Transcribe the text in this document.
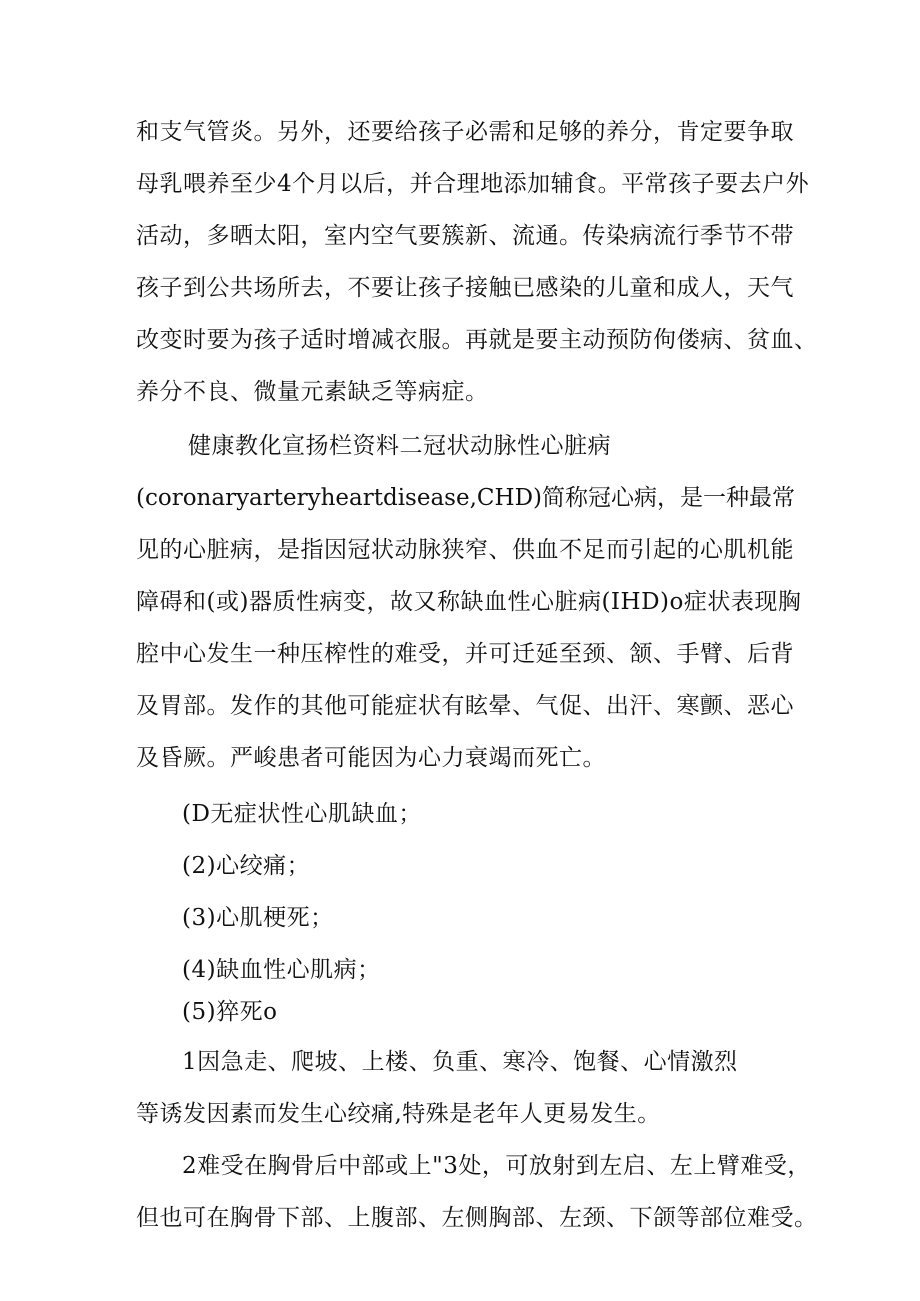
和支气管炎。另外，还要给孩子必需和足够的养分，肯定要争取
母乳喂养至少4个月以后，并合理地添加辅食。平常孩子要去户外
活动，多晒太阳，室内空气要簇新、流通。传染病流行季节不带
孩子到公共场所去，不要让孩子接触已感染的儿童和成人，天气
改变时要为孩子适时增减衣服。再就是要主动预防佝偻病、贫血、
养分不良、微量元素缺乏等病症。
健康教化宣扬栏资料二冠状动脉性心脏病
(coronaryarteryheartdisease,CHD)简称冠心病，是一种最常
见的心脏病，是指因冠状动脉狭窄、供血不足而引起的心肌机能
障碍和(或)器质性病变，故又称缺血性心脏病(IHD)o症状表现胸
腔中心发生一种压榨性的难受，并可迁延至颈、颔、手臂、后背
及胃部。发作的其他可能症状有眩晕、气促、出汗、寒颤、恶心
及昏厥。严峻患者可能因为心力衰竭而死亡。
(D无症状性心肌缺血；
(2)心绞痛；
(3)心肌梗死；
(4)缺血性心肌病；
(5)猝死o
1因急走、爬坡、上楼、负重、寒冷、饱餐、心情激烈
等诱发因素而发生心绞痛,特殊是老年人更易发生。
2难受在胸骨后中部或上"3处，可放射到左启、左上臂难受，
但也可在胸骨下部、上腹部、左侧胸部、左颈、下颌等部位难受。
